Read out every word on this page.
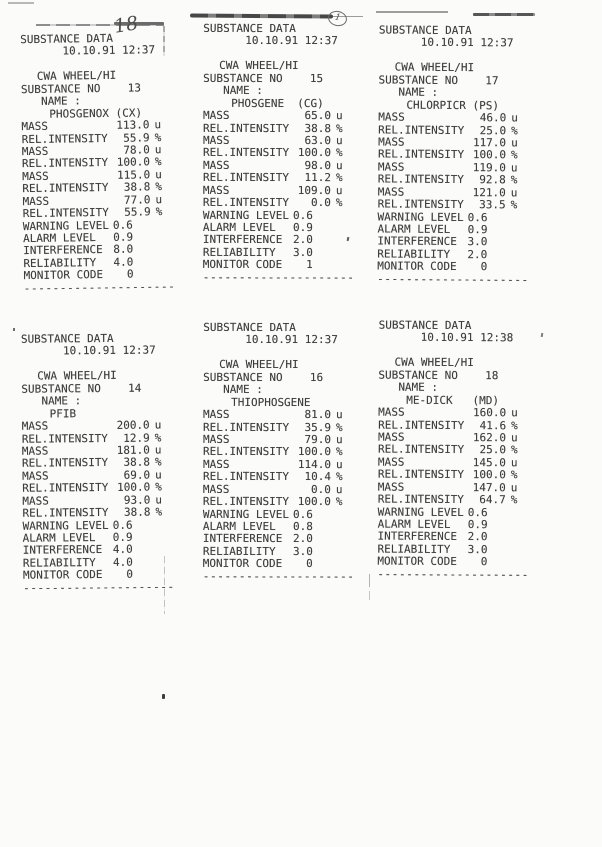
18	1
SUBSTANCE DATA
10.10.91 12:37
CWA WHEEL/HI
SUBSTANCE NO	13
NAME :
PHOSGENOX (CX)
MASS	113.0 u
REL.INTENSITY	55.9 %
MASS	78.0 u
REL.INTENSITY 100.0 %
MASS	115.0 u
REL.INTENSITY	38.8 %
MASS	77.0 u
REL.INTENSITY	55.9 %
WARNING LEVEL 0.6
ALARM LEVEL	0.9
INTERFERENCE 8.0
RELIABILITY	4.0
MONITOR CODE	0
---------------------
SUBSTANCE DATA
10.10.91 12:37
CWA WHEEL/HI
SUBSTANCE NO	15
NAME :
PHOSGENE  (CG)
MASS	65.0 u
REL.INTENSITY	38.8 %
MASS	63.0 u
REL.INTENSITY 100.0 %
MASS	98.0 u
REL.INTENSITY	11.2 %
MASS	109.0 u
REL.INTENSITY	0.0 %
WARNING LEVEL 0.6
ALARM LEVEL	0.9
INTERFERENCE 2.0
RELIABILITY	3.0
MONITOR CODE	1
---------------------
SUBSTANCE DATA
10.10.91 12:37
CWA WHEEL/HI
SUBSTANCE NO	17
NAME :
CHLORPICR (PS)
MASS	46.0 u
REL.INTENSITY	25.0 %
MASS	117.0 u
REL.INTENSITY 100.0 %
MASS	119.0 u
REL.INTENSITY	92.8 %
MASS	121.0 u
REL.INTENSITY	33.5 %
WARNING LEVEL 0.6
ALARM LEVEL	0.9
INTERFERENCE 3.0
RELIABILITY	2.0
MONITOR CODE	0
---------------------
SUBSTANCE DATA
10.10.91 12:37
CWA WHEEL/HI
SUBSTANCE NO	14
NAME :
PFIB
MASS	200.0 u
REL.INTENSITY	12.9 %
MASS	181.0 u
REL.INTENSITY	38.8 %
MASS	69.0 u
REL.INTENSITY 100.0 %
MASS	93.0 u
REL.INTENSITY	38.8 %
WARNING LEVEL 0.6
ALARM LEVEL	0.9
INTERFERENCE 4.0
RELIABILITY	4.0
MONITOR CODE	0
---------------------
SUBSTANCE DATA
10.10.91 12:37
CWA WHEEL/HI
SUBSTANCE NO	16
NAME :
THIOPHOSGENE
MASS	81.0 u
REL.INTENSITY	35.9 %
MASS	79.0 u
REL.INTENSITY 100.0 %
MASS	114.0 u
REL.INTENSITY	10.4 %
MASS	0.0 u
REL.INTENSITY 100.0 %
WARNING LEVEL 0.6
ALARM LEVEL	0.8
INTERFERENCE 2.0
RELIABILITY	3.0
MONITOR CODE	0
---------------------
SUBSTANCE DATA
10.10.91 12:38
CWA WHEEL/HI
SUBSTANCE NO	18
NAME :
ME-DICK   (MD)
MASS	160.0 u
REL.INTENSITY	41.6 %
MASS	162.0 u
REL.INTENSITY	25.0 %
MASS	145.0 u
REL.INTENSITY 100.0 %
MASS	147.0 u
REL.INTENSITY	64.7 %
WARNING LEVEL 0.6
ALARM LEVEL	0.9
INTERFERENCE 2.0
RELIABILITY	3.0
MONITOR CODE	0
---------------------
